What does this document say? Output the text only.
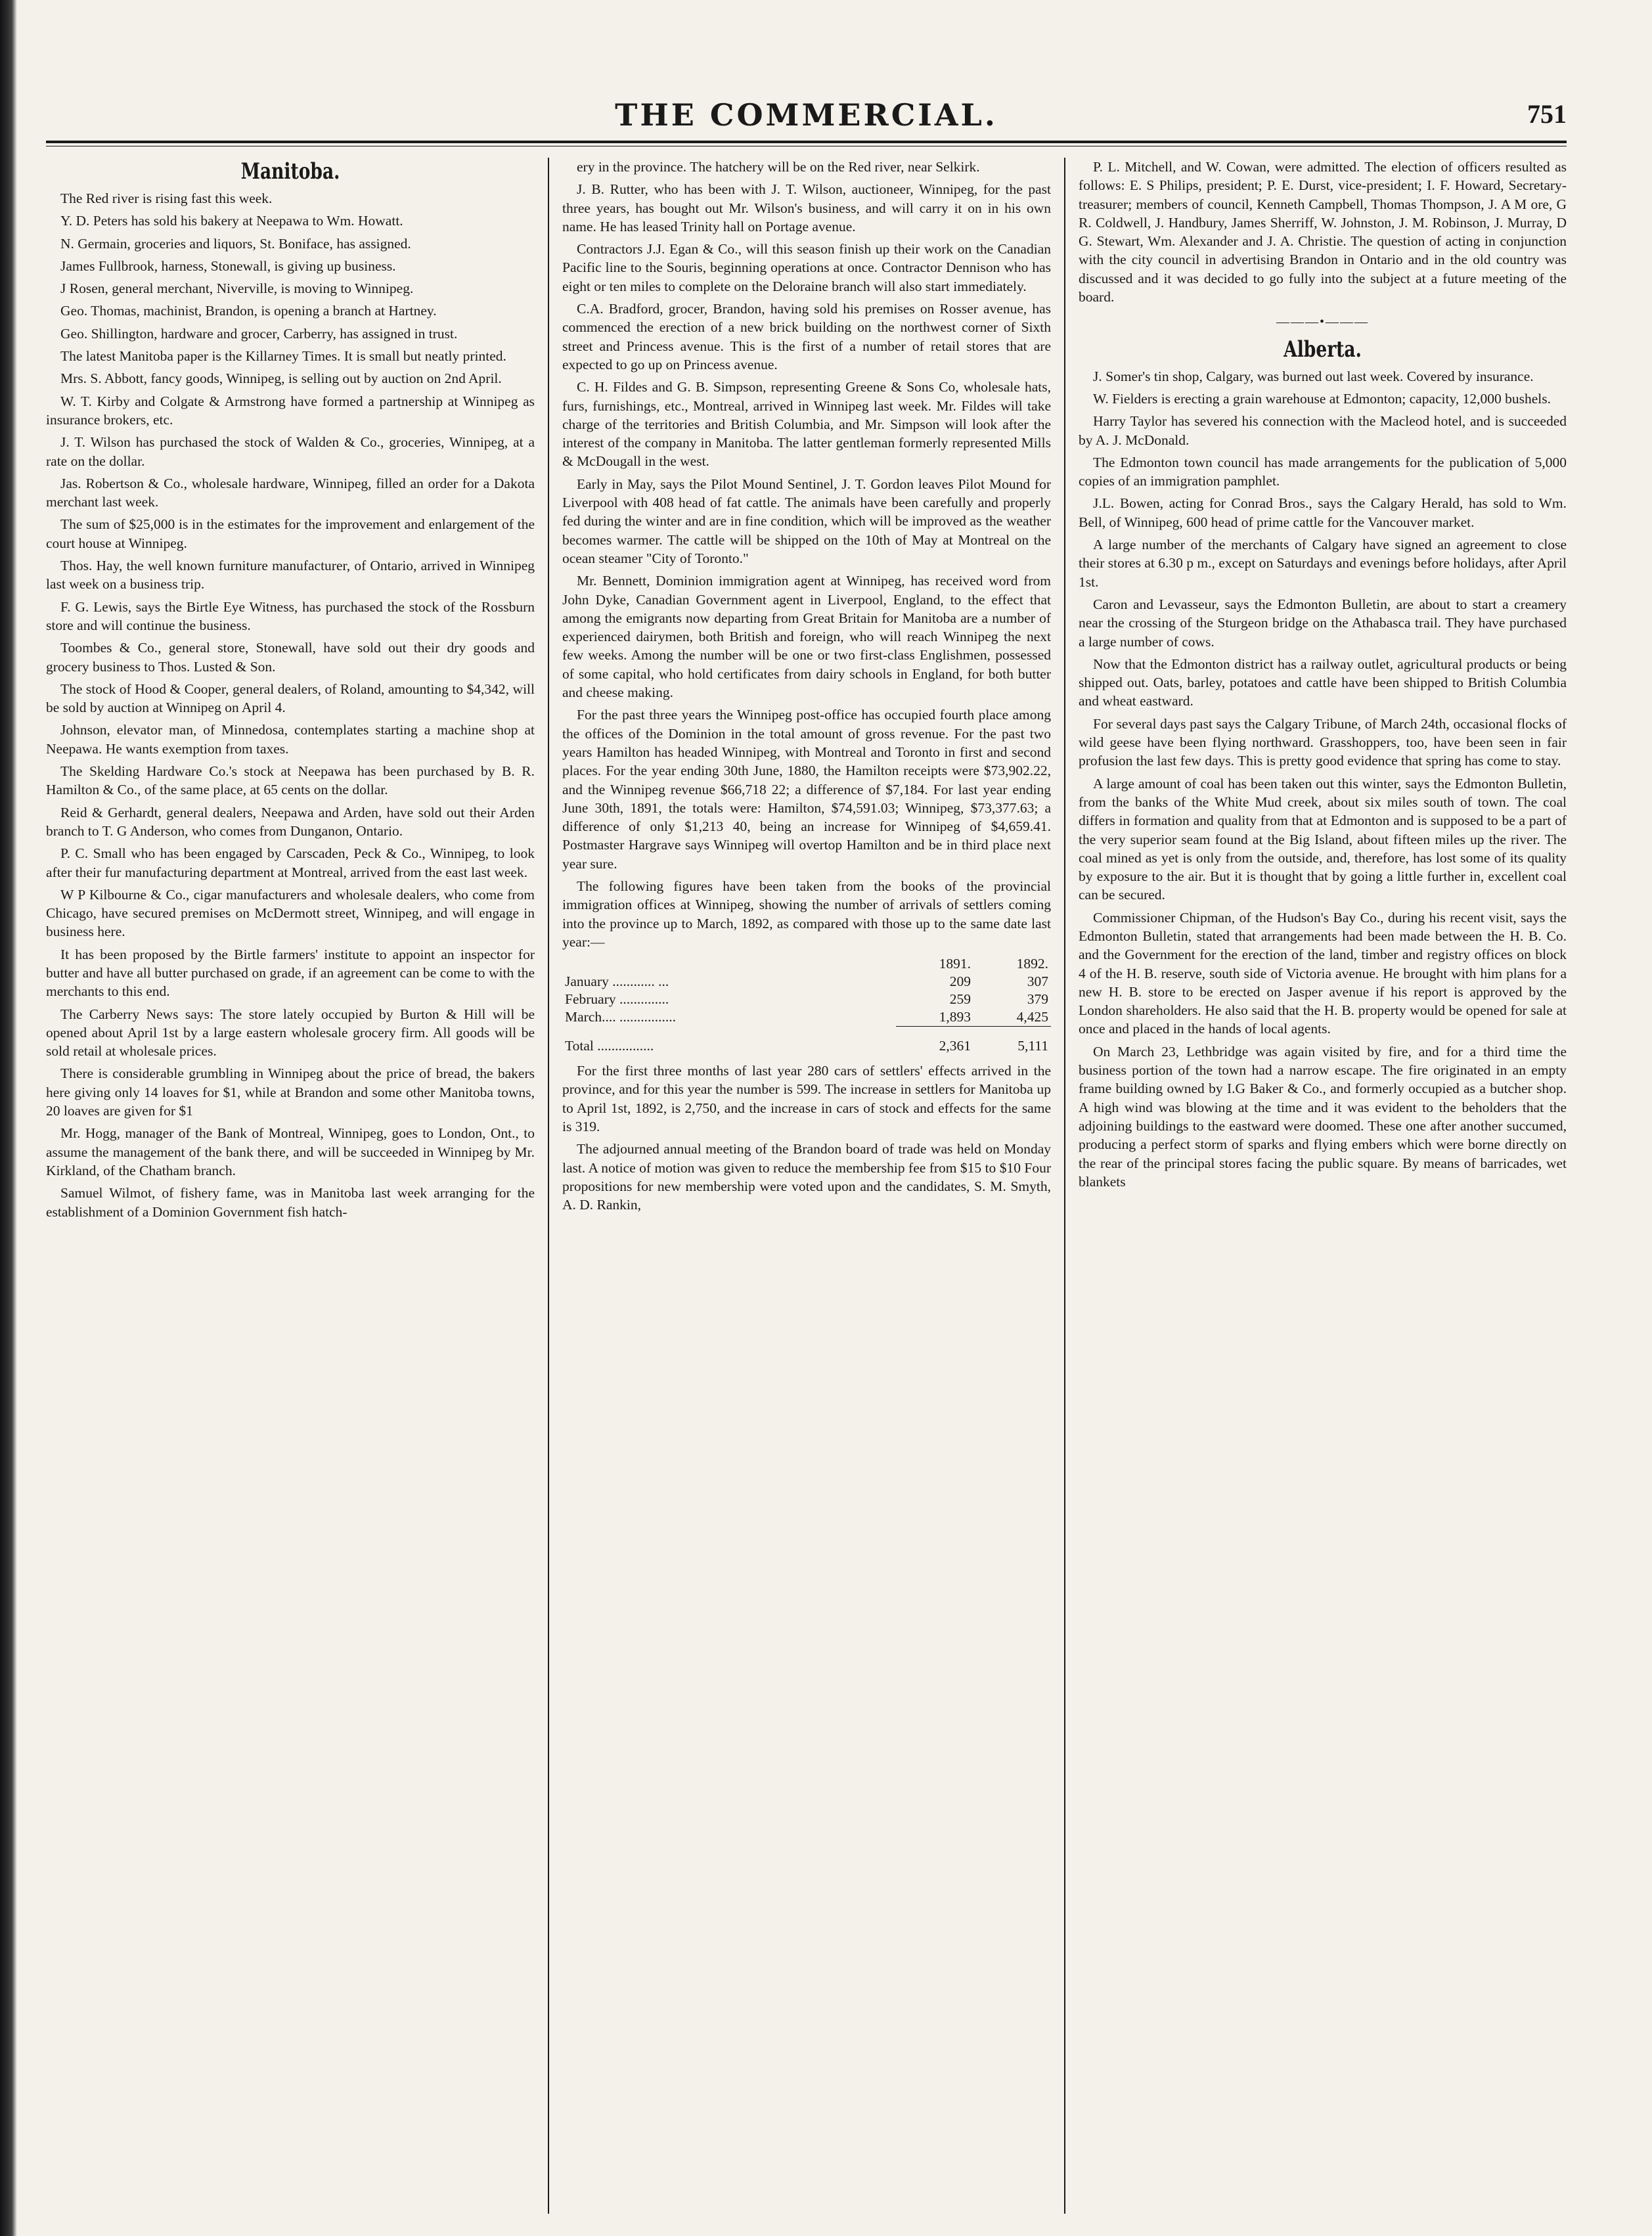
THE COMMERCIAL.	751
Manitoba.

The Red river is rising fast this week.

Y. D. Peters has sold his bakery at Neepawa to Wm. Howatt.

N. Germain, groceries and liquors, St. Boniface, has assigned.

James Fullbrook, harness, Stonewall, is giving up business.

J Rosen, general merchant, Niverville, is moving to Winnipeg.

Geo. Thomas, machinist, Brandon, is opening a branch at Hartney.

Geo. Shillington, hardware and grocer, Carberry, has assigned in trust.

The latest Manitoba paper is the Killarney Times. It is small but neatly printed.

Mrs. S. Abbott, fancy goods, Winnipeg, is selling out by auction on 2nd April.

W. T. Kirby and Colgate & Armstrong have formed a partnership at Winnipeg as insurance brokers, etc.

J. T. Wilson has purchased the stock of Walden & Co., groceries, Winnipeg, at a rate on the dollar.

Jas. Robertson & Co., wholesale hardware, Winnipeg, filled an order for a Dakota merchant last week.

The sum of $25,000 is in the estimates for the improvement and enlargement of the court house at Winnipeg.

Thos. Hay, the well known furniture manufacturer, of Ontario, arrived in Winnipeg last week on a business trip.

F. G. Lewis, says the Birtle Eye Witness, has purchased the stock of the Rossburn store and will continue the business.

Toombes & Co., general store, Stonewall, have sold out their dry goods and grocery business to Thos. Lusted & Son.

The stock of Hood & Cooper, general dealers, of Roland, amounting to $4,342, will be sold by auction at Winnipeg on April 4.

Johnson, elevator man, of Minnedosa, contemplates starting a machine shop at Neepawa. He wants exemption from taxes.

The Skelding Hardware Co.'s stock at Neepawa has been purchased by B. R. Hamilton & Co., of the same place, at 65 cents on the dollar.

Reid & Gerhardt, general dealers, Neepawa and Arden, have sold out their Arden branch to T. G Anderson, who comes from Dunganon, Ontario.

P. C. Small who has been engaged by Carscaden, Peck & Co., Winnipeg, to look after their fur manufacturing department at Montreal, arrived from the east last week.

W P Kilbourne & Co., cigar manufacturers and wholesale dealers, who come from Chicago, have secured premises on McDermott street, Winnipeg, and will engage in business here.

It has been proposed by the Birtle farmers' institute to appoint an inspector for butter and have all butter purchased on grade, if an agreement can be come to with the merchants to this end.

The Carberry News says: The store lately occupied by Burton & Hill will be opened about April 1st by a large eastern wholesale grocery firm. All goods will be sold retail at wholesale prices.

There is considerable grumbling in Winnipeg about the price of bread, the bakers here giving only 14 loaves for $1, while at Brandon and some other Manitoba towns, 20 loaves are given for $1

Mr. Hogg, manager of the Bank of Montreal, Winnipeg, goes to London, Ont., to assume the management of the bank there, and will be succeeded in Winnipeg by Mr. Kirkland, of the Chatham branch.

Samuel Wilmot, of fishery fame, was in Manitoba last week arranging for the establishment of a Dominion Government fish hatch-

ery in the province. The hatchery will be on the Red river, near Selkirk.

J. B. Rutter, who has been with J. T. Wilson, auctioneer, Winnipeg, for the past three years, has bought out Mr. Wilson's business, and will carry it on in his own name. He has leased Trinity hall on Portage avenue.

Contractors J.J. Egan & Co., will this season finish up their work on the Canadian Pacific line to the Souris, beginning operations at once. Contractor Dennison who has eight or ten miles to complete on the Deloraine branch will also start immediately.

C.A. Bradford, grocer, Brandon, having sold his premises on Rosser avenue, has commenced the erection of a new brick building on the northwest corner of Sixth street and Princess avenue. This is the first of a number of retail stores that are expected to go up on Princess avenue.

C. H. Fildes and G. B. Simpson, representing Greene & Sons Co, wholesale hats, furs, furnishings, etc., Montreal, arrived in Winnipeg last week. Mr. Fildes will take charge of the territories and British Columbia, and Mr. Simpson will look after the interest of the company in Manitoba. The latter gentleman formerly represented Mills & McDougall in the west.

Early in May, says the Pilot Mound Sentinel, J. T. Gordon leaves Pilot Mound for Liverpool with 408 head of fat cattle. The animals have been carefully and properly fed during the winter and are in fine condition, which will be improved as the weather becomes warmer. The cattle will be shipped on the 10th of May at Montreal on the ocean steamer "City of Toronto."

Mr. Bennett, Dominion immigration agent at Winnipeg, has received word from John Dyke, Canadian Government agent in Liverpool, England, to the effect that among the emigrants now departing from Great Britain for Manitoba are a number of experienced dairymen, both British and foreign, who will reach Winnipeg the next few weeks. Among the number will be one or two first-class Englishmen, possessed of some capital, who hold certificates from dairy schools in England, for both butter and cheese making.

For the past three years the Winnipeg post-office has occupied fourth place among the offices of the Dominion in the total amount of gross revenue. For the past two years Hamilton has headed Winnipeg, with Montreal and Toronto in first and second places. For the year ending 30th June, 1880, the Hamilton receipts were $73,902.22, and the Winnipeg revenue $66,718 22; a difference of $7,184. For last year ending June 30th, 1891, the totals were: Hamilton, $74,591.03; Winnipeg, $73,377.63; a difference of only $1,213 40, being an increase for Winnipeg of $4,659.41. Postmaster Hargrave says Winnipeg will overtop Hamilton and be in third place next year sure.

The following figures have been taken from the books of the provincial immigration offices at Winnipeg, showing the number of arrivals of settlers coming into the province up to March, 1892, as compared with those up to the same date last year:—

	1891.	1892.
January ............ ...	209	307
February ..............	259	379
March.... ................	1,893	4,425
Total ................	2,361	5,111

For the first three months of last year 280 cars of settlers' effects arrived in the province, and for this year the number is 599. The increase in settlers for Manitoba up to April 1st, 1892, is 2,750, and the increase in cars of stock and effects for the same is 319.

The adjourned annual meeting of the Brandon board of trade was held on Monday last. A notice of motion was given to reduce the membership fee from $15 to $10 Four propositions for new membership were voted upon and the candidates, S. M. Smyth, A. D. Rankin,

P. L. Mitchell, and W. Cowan, were admitted. The election of officers resulted as follows: E. S Philips, president; P. E. Durst, vice-president; I. F. Howard, Secretary-treasurer; members of council, Kenneth Campbell, Thomas Thompson, J. A M ore, G R. Coldwell, J. Handbury, James Sherriff, W. Johnston, J. M. Robinson, J. Murray, D G. Stewart, Wm. Alexander and J. A. Christie. The question of acting in conjunction with the city council in advertising Brandon in Ontario and in the old country was discussed and it was decided to go fully into the subject at a future meeting of the board.

———•———
Alberta.

J. Somer's tin shop, Calgary, was burned out last week. Covered by insurance.

W. Fielders is erecting a grain warehouse at Edmonton; capacity, 12,000 bushels.

Harry Taylor has severed his connection with the Macleod hotel, and is succeeded by A. J. McDonald.

The Edmonton town council has made arrangements for the publication of 5,000 copies of an immigration pamphlet.

J.L. Bowen, acting for Conrad Bros., says the Calgary Herald, has sold to Wm. Bell, of Winnipeg, 600 head of prime cattle for the Vancouver market.

A large number of the merchants of Calgary have signed an agreement to close their stores at 6.30 p m., except on Saturdays and evenings before holidays, after April 1st.

Caron and Levasseur, says the Edmonton Bulletin, are about to start a creamery near the crossing of the Sturgeon bridge on the Athabasca trail. They have purchased a large number of cows.

Now that the Edmonton district has a railway outlet, agricultural products or being shipped out. Oats, barley, potatoes and cattle have been shipped to British Columbia and wheat eastward.

For several days past says the Calgary Tribune, of March 24th, occasional flocks of wild geese have been flying northward. Grasshoppers, too, have been seen in fair profusion the last few days. This is pretty good evidence that spring has come to stay.

A large amount of coal has been taken out this winter, says the Edmonton Bulletin, from the banks of the White Mud creek, about six miles south of town. The coal differs in formation and quality from that at Edmonton and is supposed to be a part of the very superior seam found at the Big Island, about fifteen miles up the river. The coal mined as yet is only from the outside, and, therefore, has lost some of its quality by exposure to the air. But it is thought that by going a little further in, excellent coal can be secured.

Commissioner Chipman, of the Hudson's Bay Co., during his recent visit, says the Edmonton Bulletin, stated that arrangements had been made between the H. B. Co. and the Government for the erection of the land, timber and registry offices on block 4 of the H. B. reserve, south side of Victoria avenue. He brought with him plans for a new H. B. store to be erected on Jasper avenue if his report is approved by the London shareholders. He also said that the H. B. property would be opened for sale at once and placed in the hands of local agents.

On March 23, Lethbridge was again visited by fire, and for a third time the business portion of the town had a narrow escape. The fire originated in an empty frame building owned by I.G Baker & Co., and formerly occupied as a butcher shop. A high wind was blowing at the time and it was evident to the beholders that the adjoining buildings to the eastward were doomed. These one after another succumed, producing a perfect storm of sparks and flying embers which were borne directly on the rear of the principal stores facing the public square. By means of barricades, wet blankets
